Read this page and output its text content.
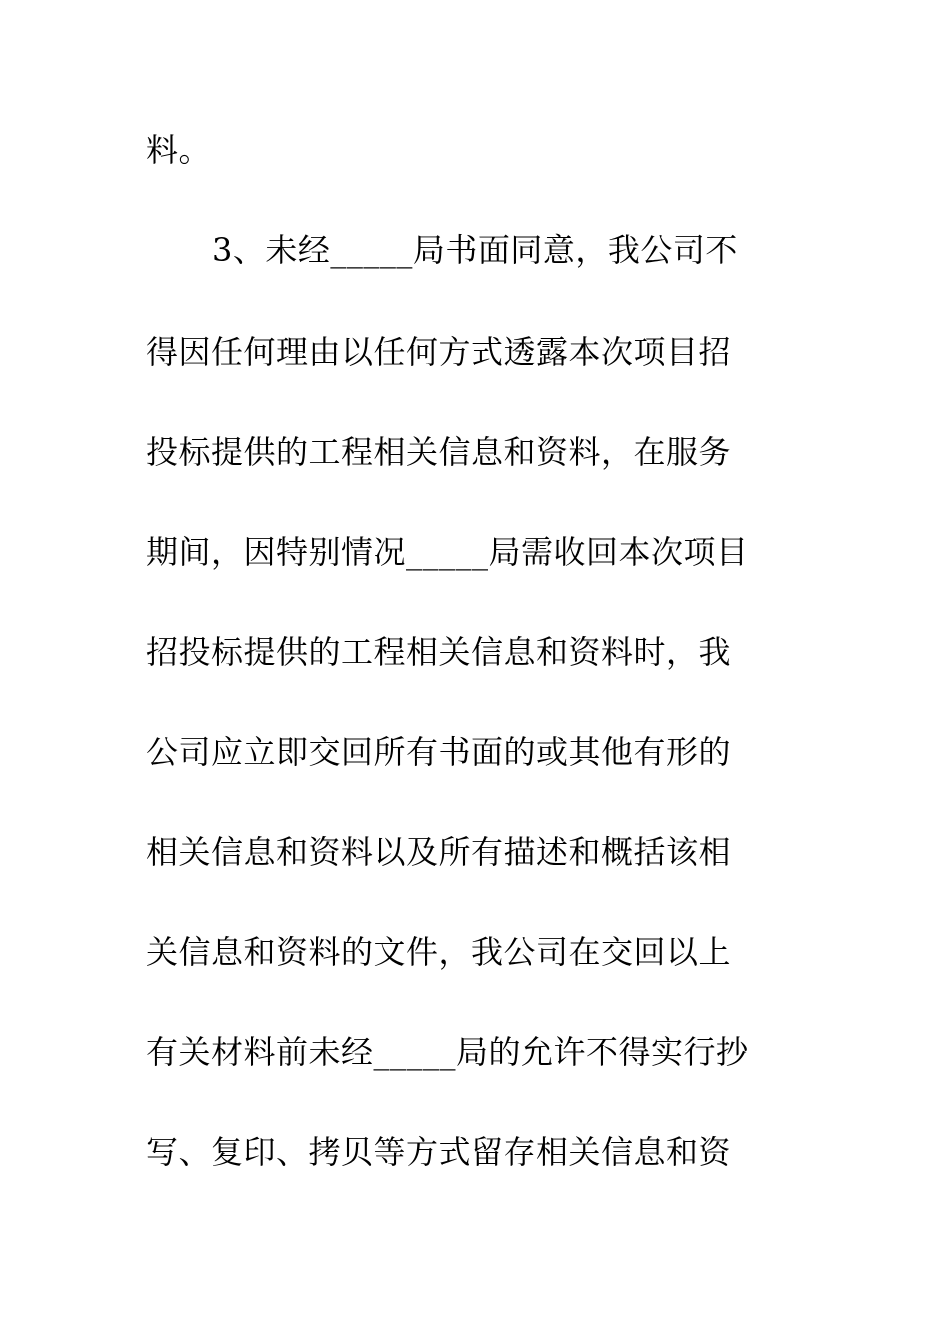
料。
3、未经_____局书面同意，我公司不
得因任何理由以任何方式透露本次项目招
投标提供的工程相关信息和资料，在服务
期间，因特别情况_____局需收回本次项目
招投标提供的工程相关信息和资料时，我
公司应立即交回所有书面的或其他有形的
相关信息和资料以及所有描述和概括该相
关信息和资料的文件，我公司在交回以上
有关材料前未经_____局的允许不得实行抄
写、复印、拷贝等方式留存相关信息和资
